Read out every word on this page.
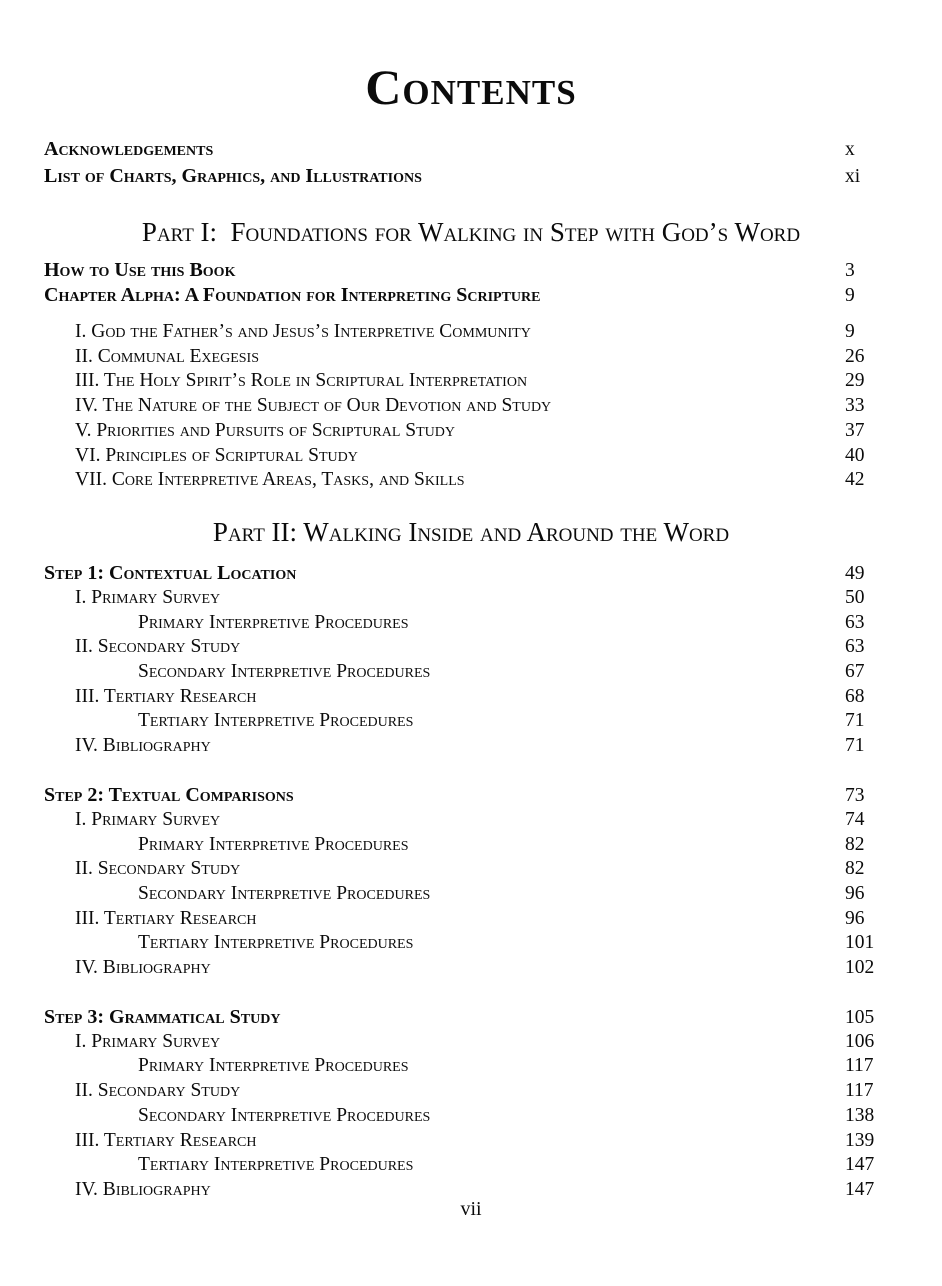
Contents
Acknowledgements	x
List of Charts, Graphics, and Illustrations	xi
Part I:  Foundations for Walking in Step with God’s Word
How to Use this Book	3
Chapter Alpha: A Foundation for Interpreting Scripture	9
I. God the Father’s and Jesus’s Interpretive Community	9
II. Communal Exegesis	26
III. The Holy Spirit’s Role in Scriptural Interpretation	29
IV. The Nature of the Subject of Our Devotion and Study	33
V. Priorities and Pursuits of Scriptural Study	37
VI. Principles of Scriptural Study	40
VII. Core Interpretive Areas, Tasks, and Skills	42
Part II: Walking Inside and Around the Word
Step 1: Contextual Location	49
I. Primary Survey	50
Primary Interpretive Procedures	63
II. Secondary Study	63
Secondary Interpretive Procedures	67
III. Tertiary Research	68
Tertiary Interpretive Procedures	71
IV. Bibliography	71
Step 2: Textual Comparisons	73
I. Primary Survey	74
Primary Interpretive Procedures	82
II. Secondary Study	82
Secondary Interpretive Procedures	96
III. Tertiary Research	96
Tertiary Interpretive Procedures	101
IV. Bibliography	102
Step 3: Grammatical Study	105
I. Primary Survey	106
Primary Interpretive Procedures	117
II. Secondary Study	117
Secondary Interpretive Procedures	138
III. Tertiary Research	139
Tertiary Interpretive Procedures	147
IV. Bibliography	147
vii
